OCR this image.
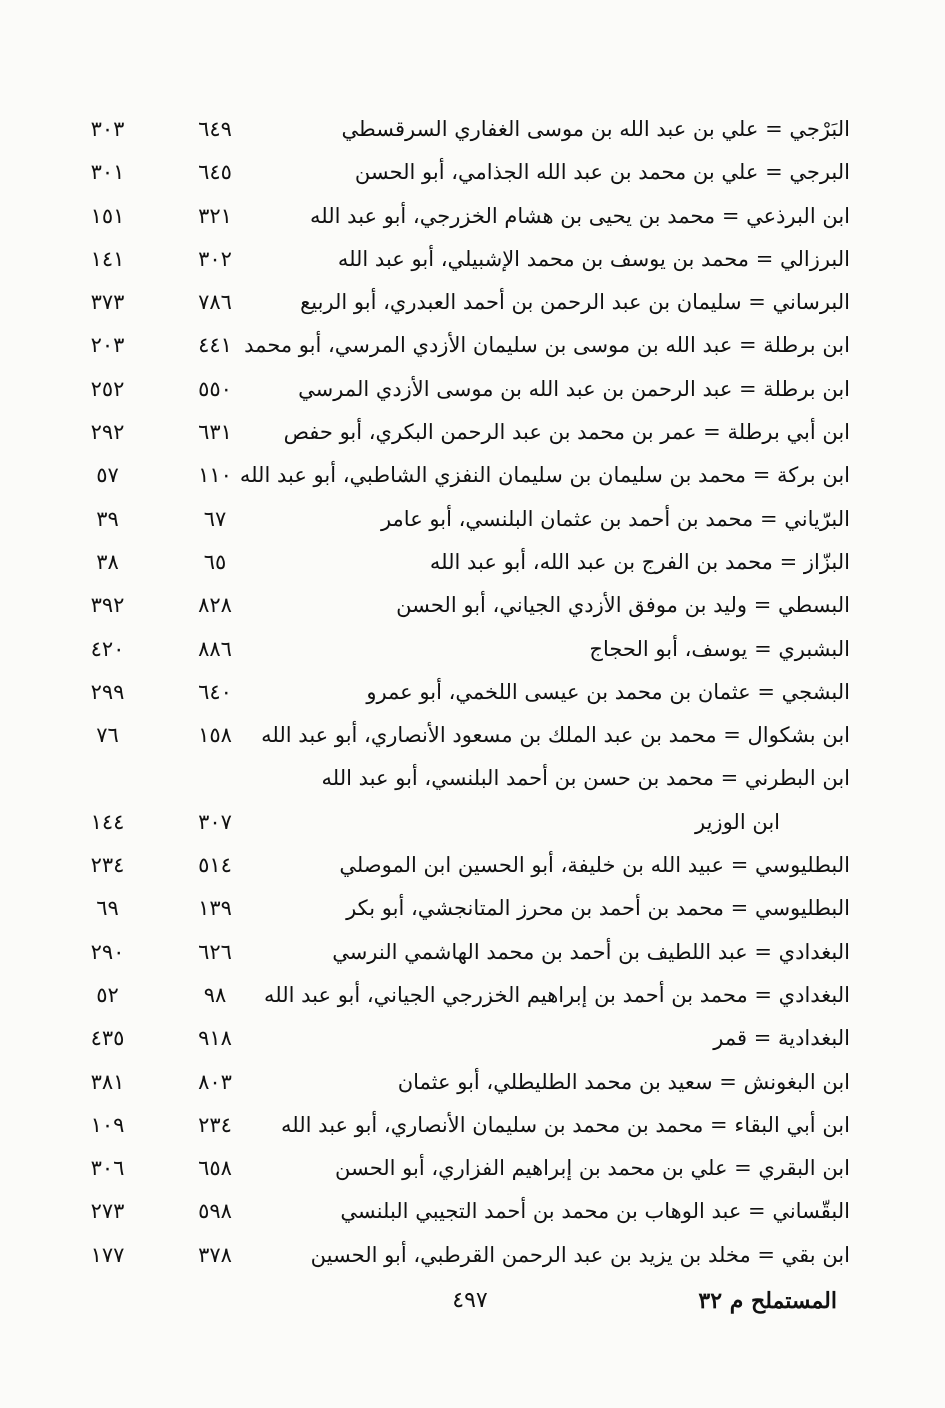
البَرْجي = علي بن عبد الله بن موسى الغفاري السرقسطي
٦٤٩
٣٠٣
البرجي = علي بن محمد بن عبد الله الجذامي، أبو الحسن
٦٤٥
٣٠١
ابن البرذعي = محمد بن يحيى بن هشام الخزرجي، أبو عبد الله
٣٢١
١٥١
البرزالي = محمد بن يوسف بن محمد الإشبيلي، أبو عبد الله
٣٠٢
١٤١
البرساني = سليمان بن عبد الرحمن بن أحمد العبدري، أبو الربيع
٧٨٦
٣٧٣
ابن برطلة = عبد الله بن موسى بن سليمان الأزدي المرسي، أبو محمد
٤٤١
٢٠٣
ابن برطلة = عبد الرحمن بن عبد الله بن موسى الأزدي المرسي
٥٥٠
٢٥٢
ابن أبي برطلة = عمر بن محمد بن عبد الرحمن البكري، أبو حفص
٦٣١
٢٩٢
ابن بركة = محمد بن سليمان بن سليمان النفزي الشاطبي، أبو عبد الله
١١٠
٥٧
البرّياني = محمد بن أحمد بن عثمان البلنسي، أبو عامر
٦٧
٣٩
البزّاز = محمد بن الفرج بن عبد الله، أبو عبد الله
٦٥
٣٨
البسطي = وليد بن موفق الأزدي الجياني، أبو الحسن
٨٢٨
٣٩٢
البشبري = يوسف، أبو الحجاج
٨٨٦
٤٢٠
البشجي = عثمان بن محمد بن عيسى اللخمي، أبو عمرو
٦٤٠
٢٩٩
ابن بشكوال = محمد بن عبد الملك بن مسعود الأنصاري، أبو عبد الله
١٥٨
٧٦
ابن البطرني = محمد بن حسن بن أحمد البلنسي، أبو عبد الله
ابن الوزير
٣٠٧
١٤٤
البطليوسي = عبيد الله بن خليفة، أبو الحسين ابن الموصلي
٥١٤
٢٣٤
البطليوسي = محمد بن أحمد بن محرز المتانجشي، أبو بكر
١٣٩
٦٩
البغدادي = عبد اللطيف بن أحمد بن محمد الهاشمي النرسي
٦٢٦
٢٩٠
البغدادي = محمد بن أحمد بن إبراهيم الخزرجي الجياني، أبو عبد الله
٩٨
٥٢
البغدادية = قمر
٩١٨
٤٣٥
ابن البغونش = سعيد بن محمد الطليطلي، أبو عثمان
٨٠٣
٣٨١
ابن أبي البقاء = محمد بن محمد بن سليمان الأنصاري، أبو عبد الله
٢٣٤
١٠٩
ابن البقري = علي بن محمد بن إبراهيم الفزاري، أبو الحسن
٦٥٨
٣٠٦
البقّساني = عبد الوهاب بن محمد بن أحمد التجيبي البلنسي
٥٩٨
٢٧٣
ابن بقي = مخلد بن يزيد بن عبد الرحمن القرطبي، أبو الحسين
٣٧٨
١٧٧
٤٩٧	المستملح م ٣٢
